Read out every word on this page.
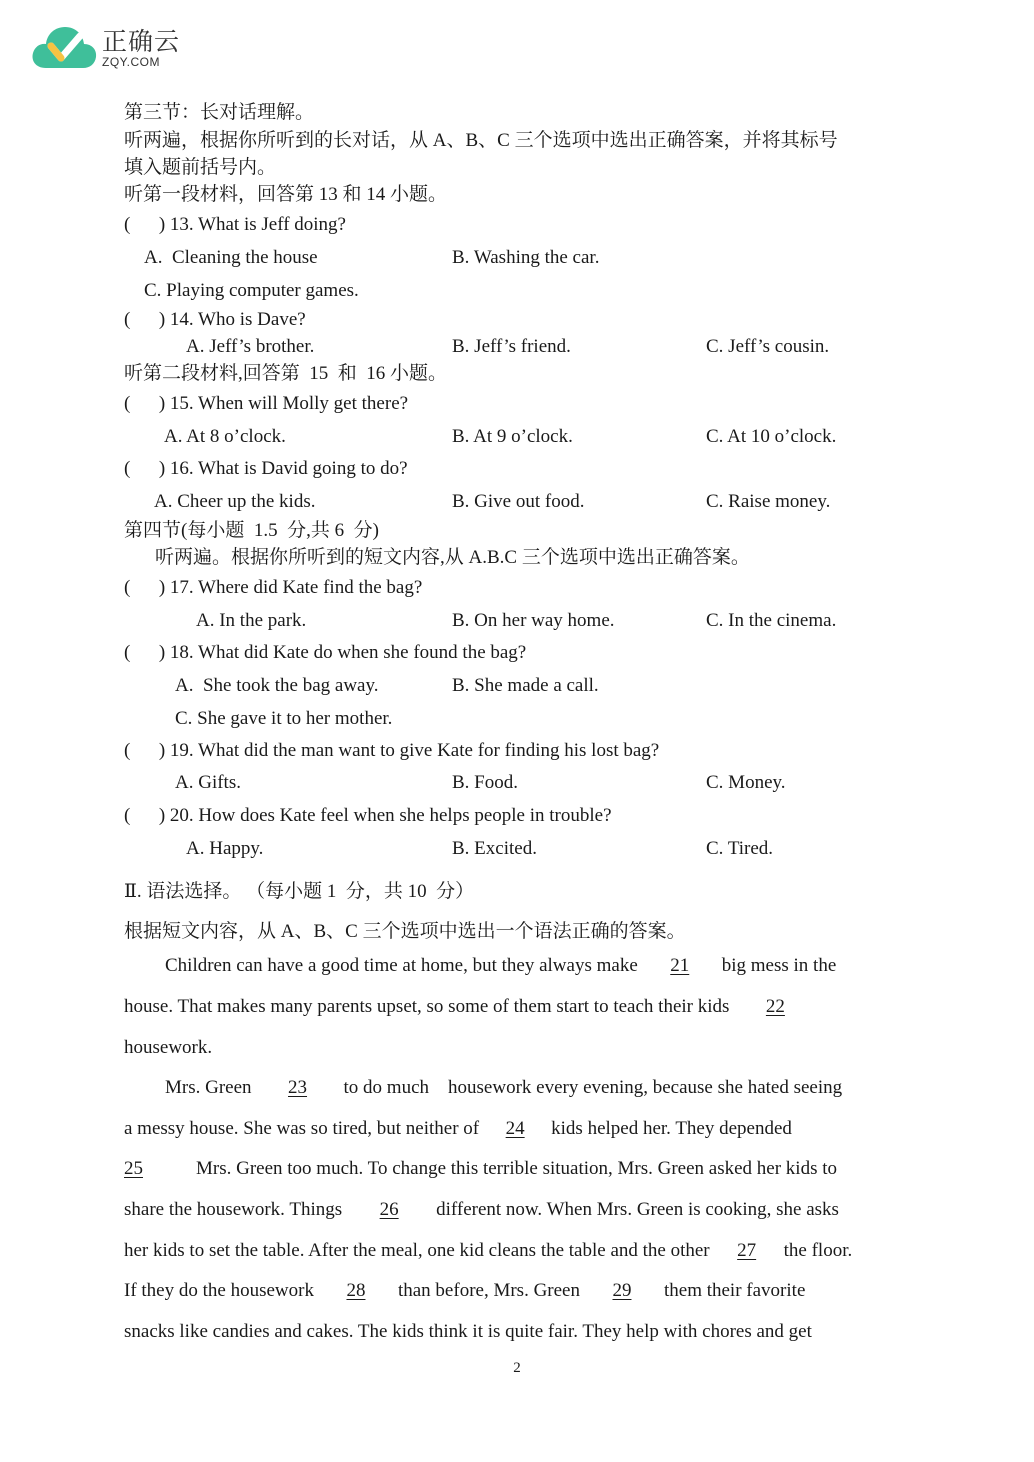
正确云
ZQY.COM
第三节：长对话理解。
听两遍，根据你所听到的长对话，从 A、B、C 三个选项中选出正确答案，并将其标号
填入题前括号内。
听第一段材料，回答第 13 和 14 小题。
(      ) 13. What is Jeff doing?
A.  Cleaning the house	B. Washing the car.
C. Playing computer games.
(      ) 14. Who is Dave?
A. Jeff’s brother.	B. Jeff’s friend.	C. Jeff’s cousin.
听第二段材料,回答第  15  和  16 小题。
(      ) 15. When will Molly get there?
A. At 8 o’clock.	B. At 9 o’clock.	C. At 10 o’clock.
(      ) 16. What is David going to do?
A. Cheer up the kids.	B. Give out food.	C. Raise money.
第四节(每小题  1.5  分,共 6  分)
听两遍。根据你所听到的短文内容,从 A.B.C 三个选项中选出正确答案。
(      ) 17. Where did Kate find the bag?
A. In the park.	B. On her way home.	C. In the cinema.
(      ) 18. What did Kate do when she found the bag?
A.  She took the bag away.	B. She made a call.
C. She gave it to her mother.
(      ) 19. What did the man want to give Kate for finding his lost bag?
A. Gifts.	B. Food.	C. Money.
(      ) 20. How does Kate feel when she helps people in trouble?
A. Happy.	B. Excited.	C. Tired.
Ⅱ. 语法选择。 （每小题 1  分，共 10  分）
根据短文内容，从 A、B、C 三个选项中选出一个语法正确的答案。
Children can have a good time at home, but they always make 21 big mess in the
house. That makes many parents upset, so some of them start to teach their kids 22
housework.
Mrs. Green 23 to do much    housework every evening, because she hated seeing
a messy house. She was so tired, but neither of 24 kids helped her. They depended
25	Mrs. Green too much. To change this terrible situation, Mrs. Green asked her kids to
share the housework. Things 26 different now. When Mrs. Green is cooking, she asks
her kids to set the table. After the meal, one kid cleans the table and the other 27 the floor.
If they do the housework 28 than before, Mrs. Green 29 them their favorite
snacks like candies and cakes. The kids think it is quite fair. They help with chores and get
2
